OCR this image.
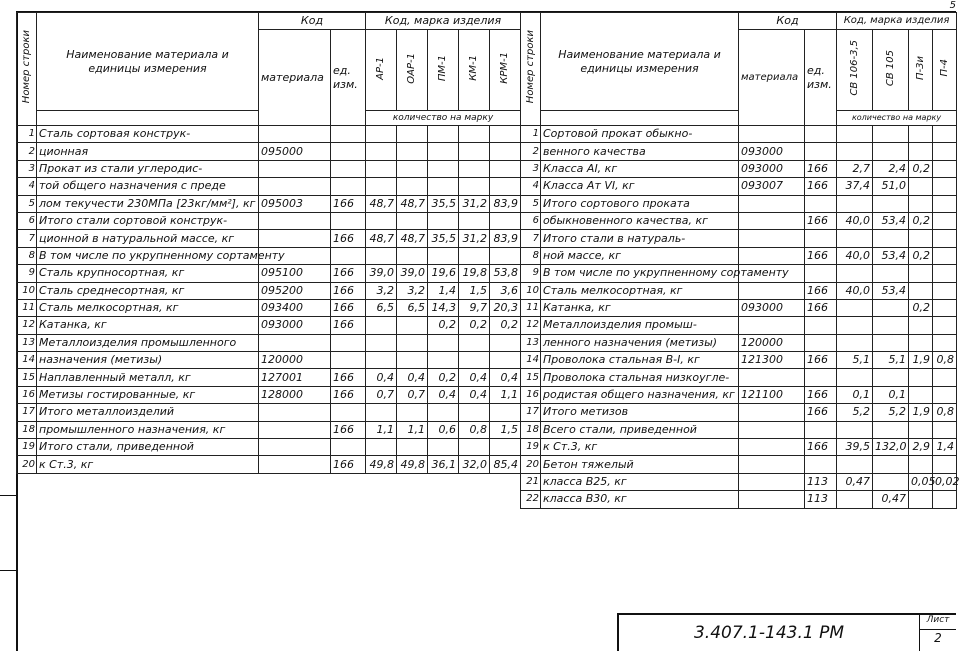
5
Номер строки	Наименование материала и единицы измерения	Код		Код, марка изделия				
		материала	ед. изм.	АР-1	ОАР-1	ПМ-1	КМ-1	КРМ-1
				количество на марку				
1	Сталь сортовая конструк-							
2	ционная	095000						
3	Прокат из стали углеродис-							
4	той общего назначения с преде							
5	лом текучести 230МПа [23кг/мм²], кг	095003	166	48,7	48,7	35,5	31,2	83,9
6	Итого стали сортовой конструк-							
7	ционной в натуральной массе, кг		166	48,7	48,7	35,5	31,2	83,9
8	В том числе по укрупненному сортаменту							
9	Сталь крупносортная, кг	095100	166	39,0	39,0	19,6	19,8	53,8
10	Сталь среднесортная, кг	095200	166	3,2	3,2	1,4	1,5	3,6
11	Сталь мелкосортная, кг	093400	166	6,5	6,5	14,3	9,7	20,3
12	Катанка, кг	093000	166			0,2	0,2	0,2
13	Металлоизделия промышленного							
14	назначения (метизы)	120000						
15	Наплавленный металл, кг	127001	166	0,4	0,4	0,2	0,4	0,4
16	Метизы гостированные, кг	128000	166	0,7	0,7	0,4	0,4	1,1
17	Итого металлоизделий							
18	промышленного назначения, кг		166	1,1	1,1	0,6	0,8	1,5
19	Итого стали, приведенной							
20	к Ст.3, кг		166	49,8	49,8	36,1	32,0	85,4
Номер строки	Наименование материала и единицы измерения	Код		Код, марка изделия			
		материала	ед. изм.	СВ 106-3,5	СВ 105	П-3и	П-4
				количество на марку			
1	Сортовой прокат обыкно-						
2	венного качества	093000					
3	Класса АI, кг	093000	166	2,7	2,4	0,2	
4	Класса Ат VI, кг	093007	166	37,4	51,0		
5	Итого сортового проката						
6	обыкновенного качества, кг		166	40,0	53,4	0,2	
7	Итого стали в натураль-						
8	ной массе, кг		166	40,0	53,4	0,2	
9	В том числе по укрупненному сортаменту						
10	Сталь мелкосортная, кг		166	40,0	53,4		
11	Катанка, кг	093000	166			0,2	
12	Металлоизделия промыш-						
13	ленного назначения (метизы)	120000					
14	Проволока стальная В-I, кг	121300	166	5,1	5,1	1,9	0,8
15	Проволока стальная низкоугле-						
16	родистая общего назначения, кг	121100	166	0,1	0,1		
17	Итого метизов		166	5,2	5,2	1,9	0,8
18	Всего стали, приведенной						
19	к Ст.3, кг		166	39,5	132,0	2,9	1,4
20	Бетон тяжелый						
21	класса В25, кг		113	0,47		0,05	0,02
22	класса В30, кг		113		0,47		
3.407.1-143.1 РМ
Лист
2
